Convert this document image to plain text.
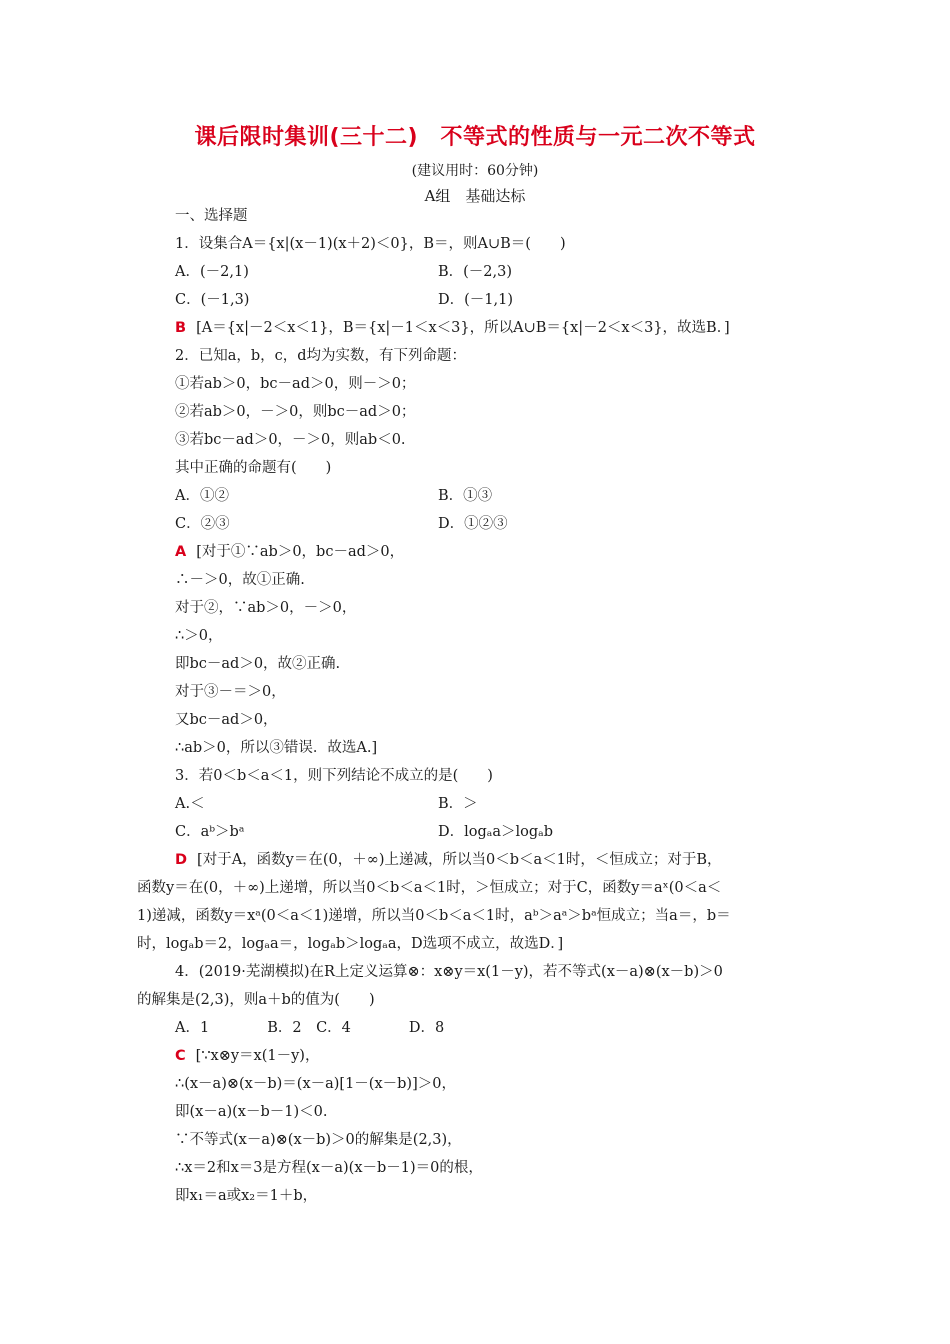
课后限时集训(三十二)　不等式的性质与一元二次不等式
(建议用时：60分钟)
A组　基础达标
一、选择题
1．设集合A＝{x|(x－1)(x＋2)＜0}，B＝，则A∪B＝(　　)
A．(－2,1)	B．(－2,3)
C．(－1,3)	D．(－1,1)
B [A＝{x|－2＜x＜1}，B＝{x|－1＜x＜3}，所以A∪B＝{x|－2＜x＜3}，故选B．]
2．已知a，b，c，d均为实数，有下列命题：
①若ab＞0，bc－ad＞0，则－＞0；
②若ab＞0，－＞0，则bc－ad＞0；
③若bc－ad＞0，－＞0，则ab＜0.
其中正确的命题有(　　)
A．①②	B．①③
C．②③	D．①②③
A [对于①∵ab＞0，bc－ad＞0，
∴－＞0，故①正确.
对于②，∵ab＞0，－＞0，
∴＞0，
即bc－ad＞0，故②正确.
对于③－＝＞0，
又bc－ad＞0，
∴ab＞0，所以③错误．故选A.]
3．若0＜b＜a＜1，则下列结论不成立的是(　　)
A.＜	B．＞
C．aᵇ＞bᵃ	D．logₐa＞logₐb
D [对于A，函数y＝在(0，＋∞)上递减，所以当0＜b＜a＜1时，＜恒成立；对于B，
函数y＝在(0，＋∞)上递增，所以当0＜b＜a＜1时，＞恒成立；对于C，函数y＝aˣ(0＜a＜
1)递减，函数y＝xᵃ(0＜a＜1)递增，所以当0＜b＜a＜1时，aᵇ＞aᵃ＞bᵃ恒成立；当a＝，b＝
时，logₐb＝2，logₐa＝，logₐb＞logₐa，D选项不成立，故选D．]
4．(2019·芜湖模拟)在R上定义运算⊗：x⊗y＝x(1－y)，若不等式(x－a)⊗(x－b)＞0
的解集是(2,3)，则a＋b的值为(　　)
A．1　　　　B．2　C．4　　　　D．8
C [∵x⊗y＝x(1－y)，
∴(x－a)⊗(x－b)＝(x－a)[1－(x－b)]＞0，
即(x－a)(x－b－1)＜0.
∵不等式(x－a)⊗(x－b)＞0的解集是(2,3)，
∴x＝2和x＝3是方程(x－a)(x－b－1)＝0的根，
即x₁＝a或x₂＝1＋b，
